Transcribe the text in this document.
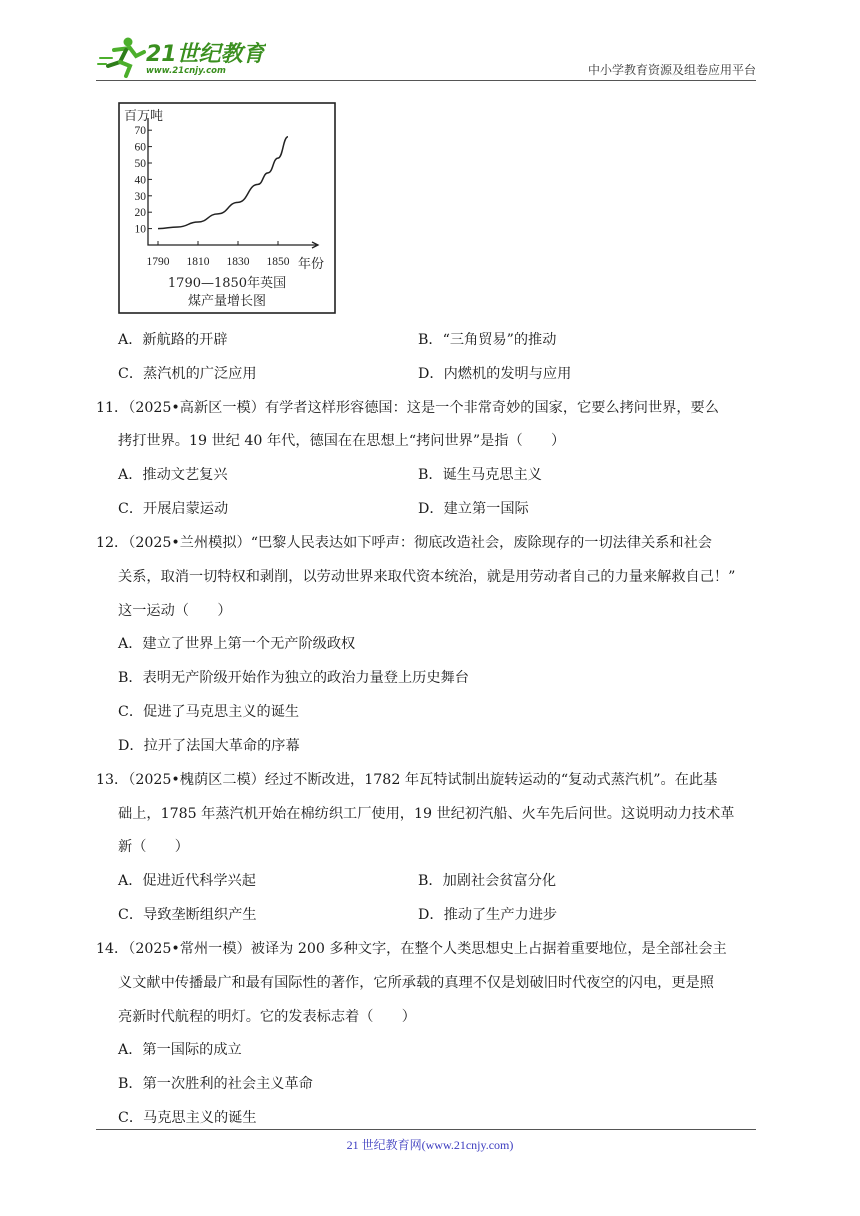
21世纪教育
www.21cnjy.com	中小学教育资源及组卷应用平台
百万吨
10
20
30
40
50
60
70
1790 1810 1830 1850 年份
1790—1850年英国
煤产量增长图
A．新航路的开辟	B．“三角贸易”的推动
C．蒸汽机的广泛应用	D．内燃机的发明与应用
11．（2025•高新区一模）有学者这样形容德国：这是一个非常奇妙的国家，它要么拷问世界，要么
拷打世界。19 世纪 40 年代，德国在在思想上“拷问世界”是指（　　）
A．推动文艺复兴	B．诞生马克思主义
C．开展启蒙运动	D．建立第一国际
12．（2025•兰州模拟）“巴黎人民表达如下呼声：彻底改造社会，废除现存的一切法律关系和社会
关系，取消一切特权和剥削，以劳动世界来取代资本统治，就是用劳动者自己的力量来解救自己！”
这一运动（　　）
A．建立了世界上第一个无产阶级政权
B．表明无产阶级开始作为独立的政治力量登上历史舞台
C．促进了马克思主义的诞生
D．拉开了法国大革命的序幕
13．（2025•槐荫区二模）经过不断改进，1782 年瓦特试制出旋转运动的“复动式蒸汽机”。在此基
础上，1785 年蒸汽机开始在棉纺织工厂使用，19 世纪初汽船、火车先后问世。这说明动力技术革
新（　　）
A．促进近代科学兴起	B．加剧社会贫富分化
C．导致垄断组织产生	D．推动了生产力进步
14．（2025•常州一模）被译为 200 多种文字，在整个人类思想史上占据着重要地位，是全部社会主
义文献中传播最广和最有国际性的著作，它所承载的真理不仅是划破旧时代夜空的闪电，更是照
亮新时代航程的明灯。它的发表标志着（　　）
A．第一国际的成立
B．第一次胜利的社会主义革命
C．马克思主义的诞生
21 世纪教育网(www.21cnjy.com)
